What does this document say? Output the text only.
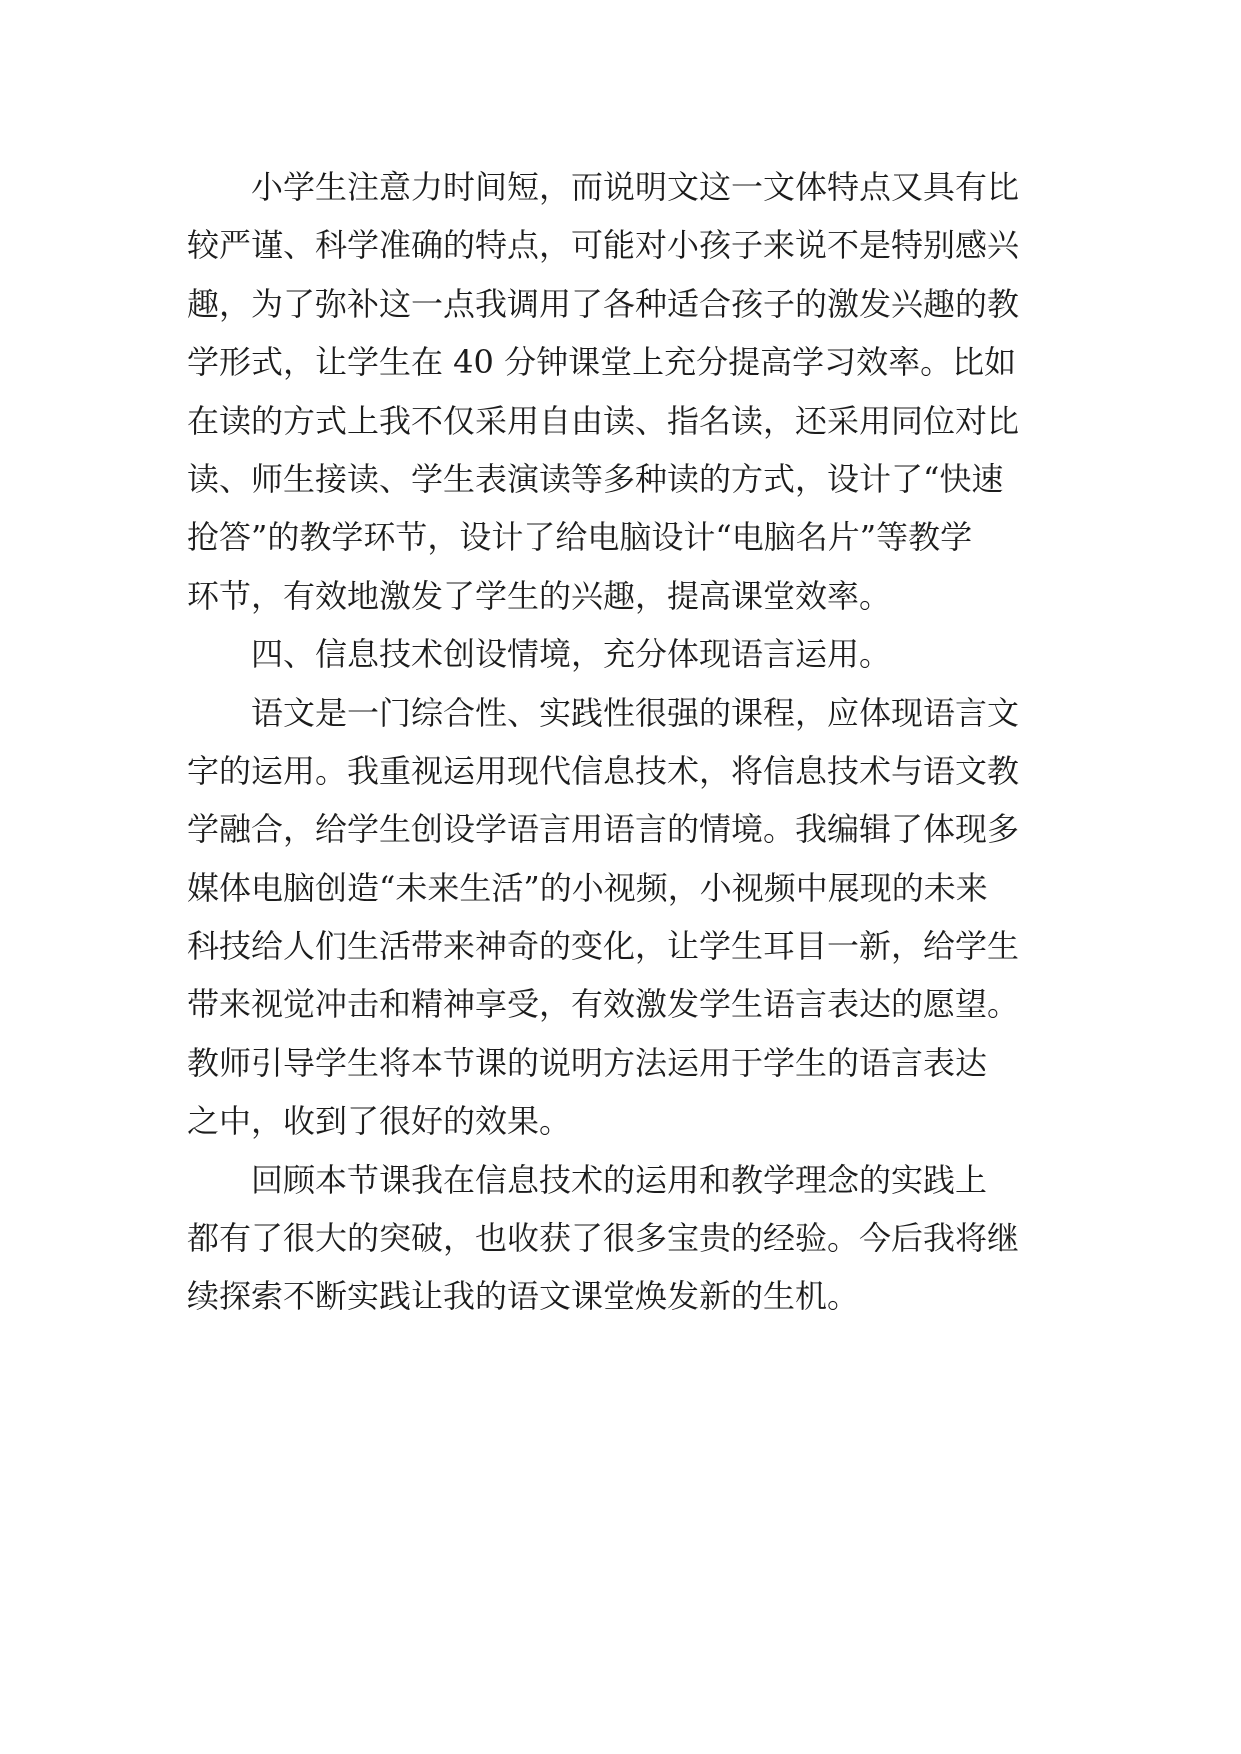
小学生注意力时间短，而说明文这一文体特点又具有比
较严谨、科学准确的特点，可能对小孩子来说不是特别感兴
趣，为了弥补这一点我调用了各种适合孩子的激发兴趣的教
学形式，让学生在 40 分钟课堂上充分提高学习效率。比如
在读的方式上我不仅采用自由读、指名读，还采用同位对比
读、师生接读、学生表演读等多种读的方式，设计了“快速
抢答”的教学环节，设计了给电脑设计“电脑名片”等教学
环节，有效地激发了学生的兴趣，提高课堂效率。
四、信息技术创设情境，充分体现语言运用。
语文是一门综合性、实践性很强的课程，应体现语言文
字的运用。我重视运用现代信息技术，将信息技术与语文教
学融合，给学生创设学语言用语言的情境。我编辑了体现多
媒体电脑创造“未来生活”的小视频，小视频中展现的未来
科技给人们生活带来神奇的变化，让学生耳目一新，给学生
带来视觉冲击和精神享受，有效激发学生语言表达的愿望。
教师引导学生将本节课的说明方法运用于学生的语言表达
之中，收到了很好的效果。
回顾本节课我在信息技术的运用和教学理念的实践上
都有了很大的突破，也收获了很多宝贵的经验。今后我将继
续探索不断实践让我的语文课堂焕发新的生机。
